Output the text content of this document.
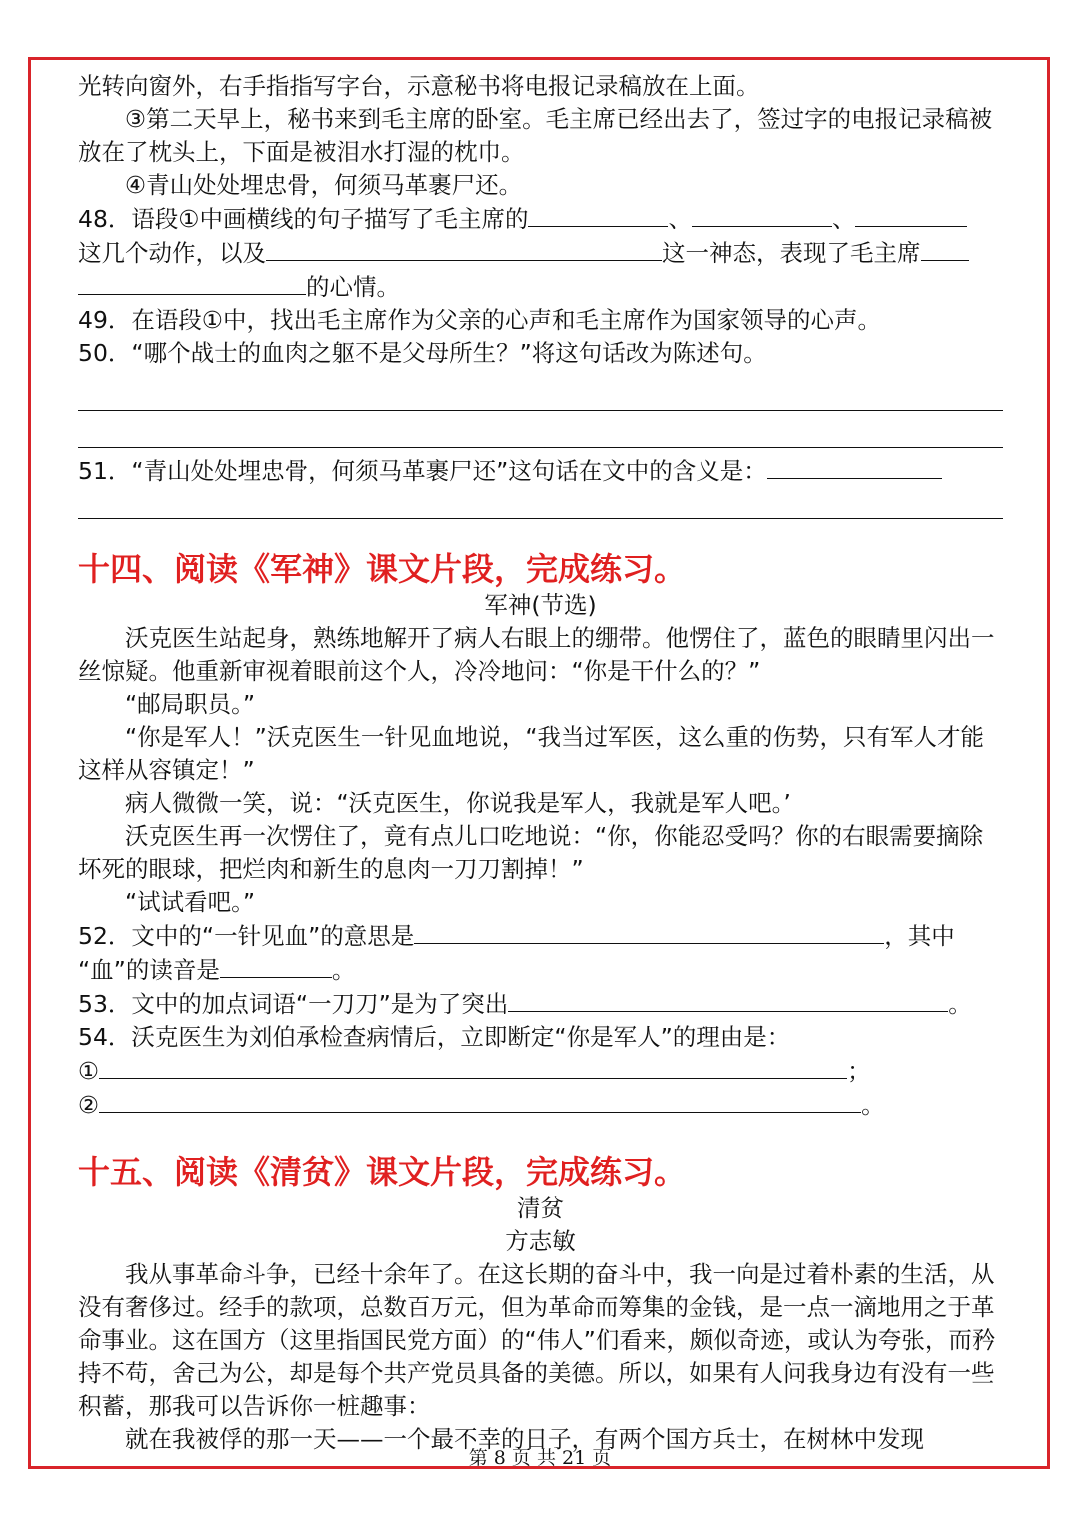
光转向窗外，右手指指写字台，示意秘书将电报记录稿放在上面。

③第二天早上，秘书来到毛主席的卧室。毛主席已经出去了，签过字的电报记录稿被放在了枕头上，下面是被泪水打湿的枕巾。

④青山处处埋忠骨，何须马革裹尸还。

48．语段①中画横线的句子描写了毛主席的	、	、
这几个动作，以及	这一神态，表现了毛主席
的心情。

49．在语段①中，找出毛主席作为父亲的心声和毛主席作为国家领导的心声。

50．“哪个战士的血肉之躯不是父母所生？”将这句话改为陈述句。

51．“青山处处埋忠骨，何须马革裹尸还”这句话在文中的含义是：

十四、阅读《军神》课文片段，完成练习。

军神(节选)

沃克医生站起身，熟练地解开了病人右眼上的绷带。他愣住了，蓝色的眼睛里闪出一丝惊疑。他重新审视着眼前这个人，冷冷地问：“你是干什么的？”

“邮局职员。”

“你是军人！”沃克医生一针见血地说，“我当过军医，这么重的伤势，只有军人才能这样从容镇定！”

病人微微一笑，说：“沃克医生，你说我是军人，我就是军人吧。’

沃克医生再一次愣住了，竟有点儿口吃地说：“你，你能忍受吗？你的右眼需要摘除坏死的眼球，把烂肉和新生的息肉一刀刀割掉！”

“试试看吧。”

52．文中的“一针见血”的意思是	，其中
“血”的读音是	。

53．文中的加点词语“一刀刀”是为了突出	。

54．沃克医生为刘伯承检查病情后，立即断定“你是军人”的理由是：

①	；

②	。

十五、阅读《清贫》课文片段，完成练习。

清贫

方志敏

我从事革命斗争，已经十余年了。在这长期的奋斗中，我一向是过着朴素的生活，从没有奢侈过。经手的款项，总数百万元，但为革命而筹集的金钱，是一点一滴地用之于革命事业。这在国方（这里指国民党方面）的“伟人”们看来，颇似奇迹，或认为夸张，而矜持不苟，舍己为公，却是每个共产党员具备的美德。所以，如果有人问我身边有没有一些积蓄，那我可以告诉你一桩趣事：

就在我被俘的那一天——一个最不幸的日子，有两个国方兵士，在树林中发现

第 8 页 共 21 页
